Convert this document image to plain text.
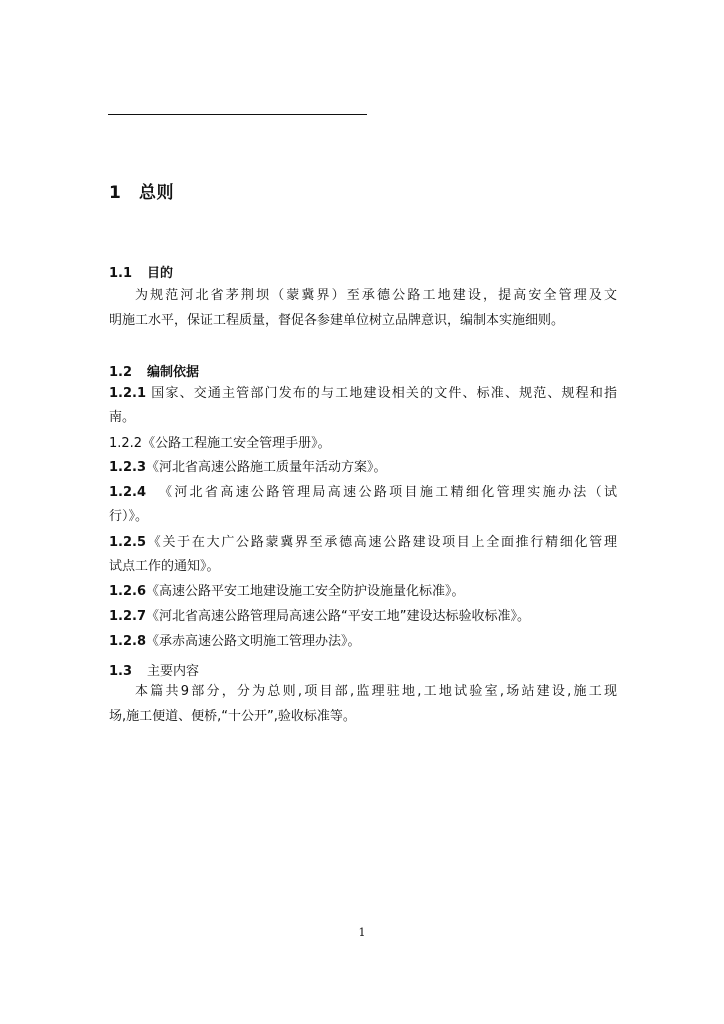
1 总则
1.1 目的
为规范河北省茅荆坝（蒙冀界）至承德公路工地建设，提高安全管理及文
明施工水平，保证工程质量，督促各参建单位树立品牌意识，编制本实施细则。
1.2 编制依据
1.2.1 国家、交通主管部门发布的与工地建设相关的文件、标准、规范、规程和指
南。
1.2.2《公路工程施工安全管理手册》。
1.2.3《河北省高速公路施工质量年活动方案》。
1.2.4 《河北省高速公路管理局高速公路项目施工精细化管理实施办法（试
行）》。
1.2.5《关于在大广公路蒙冀界至承德高速公路建设项目上全面推行精细化管理
试点工作的通知》。
1.2.6《高速公路平安工地建设施工安全防护设施量化标准》。
1.2.7《河北省高速公路管理局高速公路“平安工地”建设达标验收标准》。
1.2.8《承赤高速公路文明施工管理办法》。
1.3 主要内容
本篇共9部分，分为总则,项目部,监理驻地,工地试验室,场站建设,施工现
场,施工便道、便桥,“十公开”,验收标准等。
1
